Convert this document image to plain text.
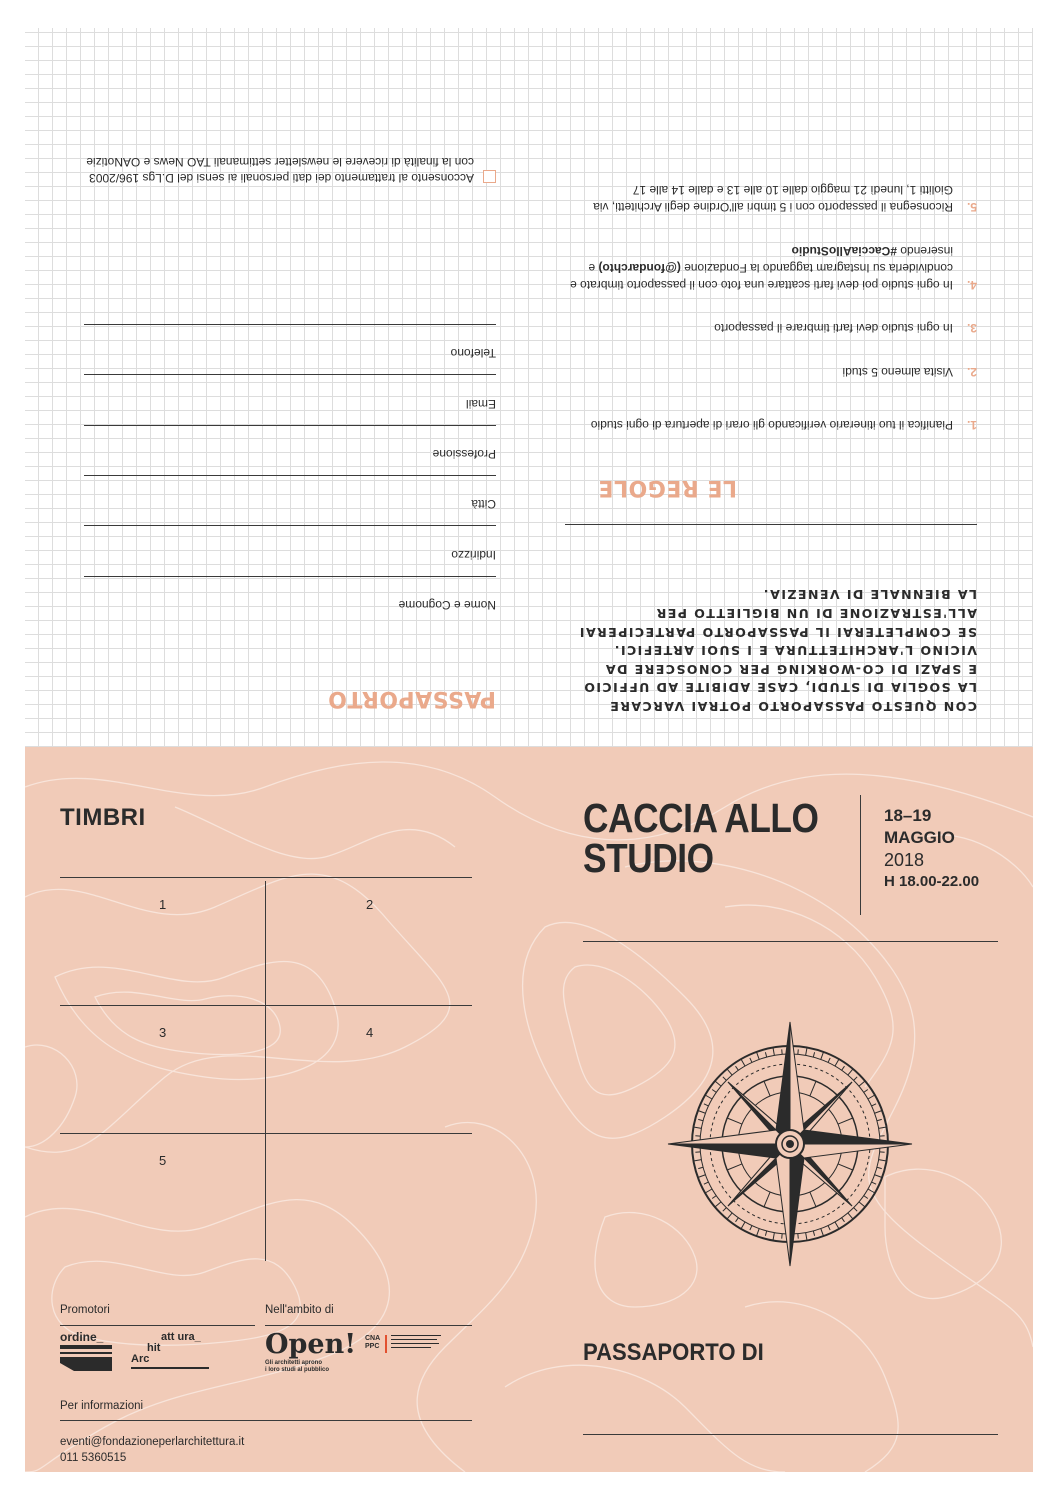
CON QUESTO PASSAPORTO POTRAI VARCARE
LA SOGLIA DI STUDI, CASE ADIBITE AD UFFICIO
E SPAZI DI CO-WORKING PER CONOSCERE DA
VICINO L'ARCHITETTURA E I SUOI ARTEFICI.
SE COMPLETERAI IL PASSAPORTO PARTECIPERAI
ALL'ESTRAZIONE DI UN BIGLIETTO PER
LA BIENNALE DI VENEZIA.
LE REGOLE
1.
Pianifica il tuo itinerario verificando gli orari di apertura di ogni studio
2.
Visita almeno 5 studi
3.
In ogni studio devi farti timbrare il passaporto
4.
In ogni studio poi devi farti scattare una foto con il passaporto timbrato e condividerla su Instagram taggando la Fondazione (@fondarchto) e inserendo #CacciaAlloStudio
5.
Riconsegna il passaporto con i 5 timbri all'Ordine degli Architetti, via Giolitti 1, lunedì 21 maggio dalle 10 alle 13 e dalle 14 alle 17
PASSAPORTO
Nome e Cognome
Indirizzo
Città
Professione
Email
Telefono
Acconsento al trattamento dei dati personali ai sensi del D.Lgs 196/2003 con la finalità di ricevere le newsletter settimanali TAO News e OANotizie
TIMBRI
1	2
3	4
5
Promotori	Nell'ambito di
ordine_	att ura_
hit
Arc	Open!
Gli architetti aprono
i loro studi al pubblico
CNA
PPC
Per informazioni
eventi@fondazioneperlarchitettura.it
011 5360515
CACCIA ALLO
STUDIO
18–19
MAGGIO
2018
H 18.00-22.00
PASSAPORTO DI
